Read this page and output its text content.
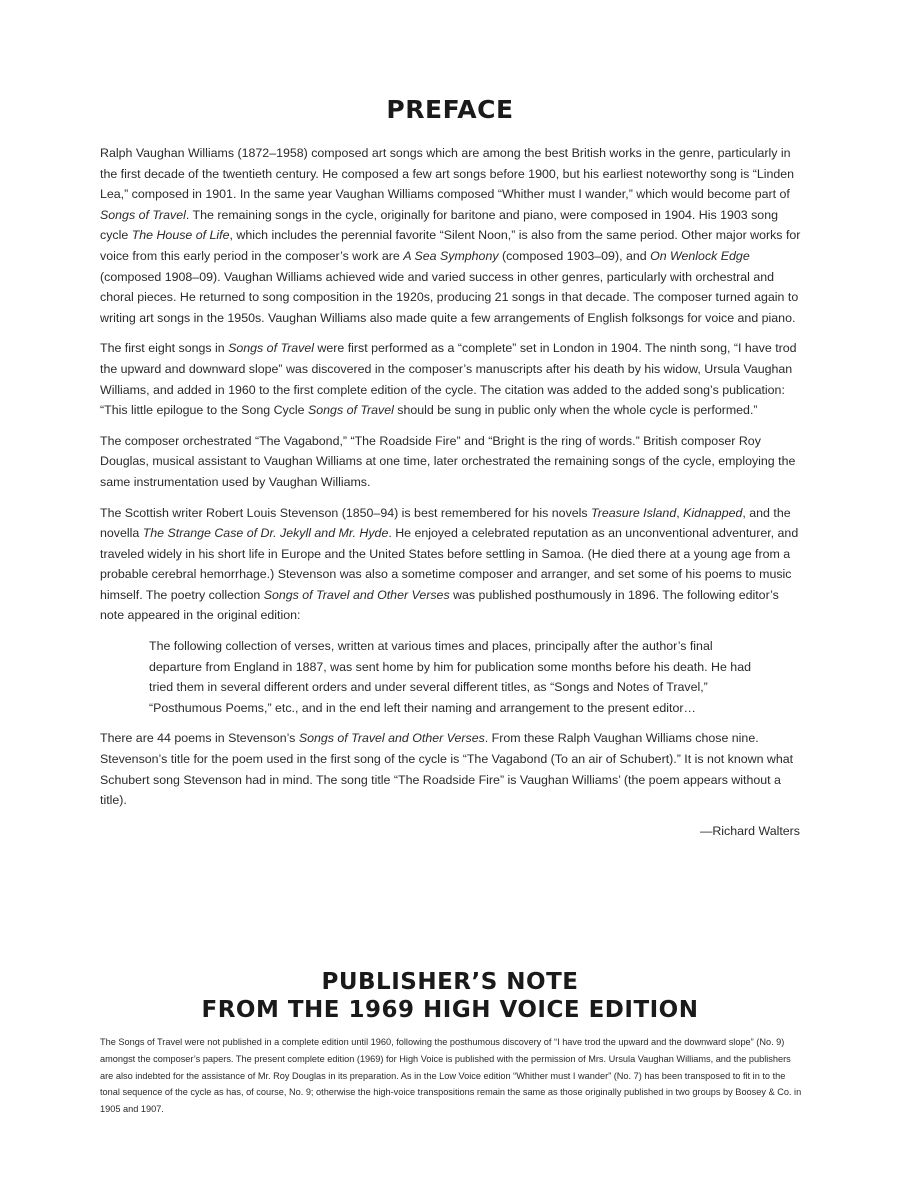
PREFACE

Ralph Vaughan Williams (1872–1958) composed art songs which are among the best British works in the genre, particularly in the first decade of the twentieth century. He composed a few art songs before 1900, but his earliest noteworthy song is “Linden Lea,” composed in 1901. In the same year Vaughan Williams composed “Whither must I wander,” which would become part of Songs of Travel. The remaining songs in the cycle, originally for baritone and piano, were composed in 1904. His 1903 song cycle The House of Life, which includes the perennial favorite “Silent Noon,” is also from the same period. Other major works for voice from this early period in the composer’s work are A Sea Symphony (composed 1903–09), and On Wenlock Edge (composed 1908–09). Vaughan Williams achieved wide and varied success in other genres, particularly with orchestral and choral pieces. He returned to song composition in the 1920s, producing 21 songs in that decade. The composer turned again to writing art songs in the 1950s. Vaughan Williams also made quite a few arrangements of English folksongs for voice and piano.

The first eight songs in Songs of Travel were first performed as a “complete” set in London in 1904. The ninth song, “I have trod the upward and downward slope” was discovered in the composer’s manuscripts after his death by his widow, Ursula Vaughan Williams, and added in 1960 to the first complete edition of the cycle. The citation was added to the added song’s publication: “This little epilogue to the Song Cycle Songs of Travel should be sung in public only when the whole cycle is performed.”

The composer orchestrated “The Vagabond,” “The Roadside Fire” and “Bright is the ring of words.” British composer Roy Douglas, musical assistant to Vaughan Williams at one time, later orchestrated the remaining songs of the cycle, employing the same instrumentation used by Vaughan Williams.

The Scottish writer Robert Louis Stevenson (1850–94) is best remembered for his novels Treasure Island, Kidnapped, and the novella The Strange Case of Dr. Jekyll and Mr. Hyde. He enjoyed a celebrated reputation as an unconventional adventurer, and traveled widely in his short life in Europe and the United States before settling in Samoa. (He died there at a young age from a probable cerebral hemorrhage.) Stevenson was also a sometime composer and arranger, and set some of his poems to music himself. The poetry collection Songs of Travel and Other Verses was published posthumously in 1896. The following editor’s note appeared in the original edition:

The following collection of verses, written at various times and places, principally after the author’s final departure from England in 1887, was sent home by him for publication some months before his death. He had tried them in several different orders and under several different titles, as “Songs and Notes of Travel,” “Posthumous Poems,” etc., and in the end left their naming and arrangement to the present editor…

There are 44 poems in Stevenson’s Songs of Travel and Other Verses. From these Ralph Vaughan Williams chose nine. Stevenson’s title for the poem used in the first song of the cycle is “The Vagabond (To an air of Schubert).” It is not known what Schubert song Stevenson had in mind. The song title “The Roadside Fire” is Vaughan Williams’ (the poem appears without a title).

—Richard Walters

PUBLISHER’S NOTE
FROM THE 1969 HIGH VOICE EDITION

The Songs of Travel were not published in a complete edition until 1960, following the posthumous discovery of “I have trod the upward and the downward slope” (No. 9) amongst the composer’s papers. The present complete edition (1969) for High Voice is published with the permission of Mrs. Ursula Vaughan Williams, and the publishers are also indebted for the assistance of Mr. Roy Douglas in its preparation. As in the Low Voice edition “Whither must I wander” (No. 7) has been transposed to fit in to the tonal sequence of the cycle as has, of course, No. 9; otherwise the high-voice transpositions remain the same as those originally published in two groups by Boosey & Co. in 1905 and 1907.
